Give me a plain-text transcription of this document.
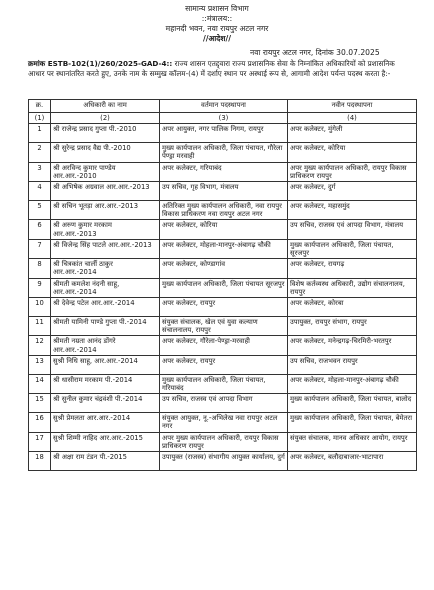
सामान्य प्रशासन विभाग
::मंत्रालय::
महानदी भवन, नवा रायपुर अटल नगर
//आदेश//
नवा रायपुर अटल नगर, दिनांक 30.07.2025
क्रमांक ESTB-102(1)/260/2025-GAD-4:: राज्य शासन एतद्द्वारा राज्य प्रशासनिक सेवा के निम्नांकित अधिकारियों को प्रशासनिक आधार पर स्थानांतरित करते हुए, उनके नाम के सम्मुख कॉलम-(4) में दर्शाए स्थान पर अस्थाई रूप से, आगामी आदेश पर्यन्त पदस्थ करता है:-
क्र.	अधिकारी का नाम	वर्तमान पदस्थापना	नवीन पदस्थापना
(1)	(2)	(3)	(4)
1	श्री राजेन्द्र प्रसाद गुप्ता पी.-2010	अपर आयुक्त, नगर पालिक निगम, रायपुर	अपर कलेक्टर, मुंगेली
2	श्री सुरेन्द्र प्रसाद वैद्य पी.-2010	मुख्य कार्यपालन अधिकारी, जिला पंचायत, गौरेला पेण्ड्रा मरवाही	अपर कलेक्टर, कोरिया
3	श्री अरविन्द कुमार पाण्डेय आर.आर.-2010	अपर कलेक्टर, गरियाबंद	अपर मुख्य कार्यपालन अधिकारी, रायपुर विकास प्राधिकरण रायपुर
4	श्री अभिषेक अग्रवाल आर.आर.-2013	उप सचिव, गृह विभाग, मंत्रालय	अपर कलेक्टर, दुर्ग
5	श्री सचिन भूतड़ा आर.आर.-2013	अतिरिक्त मुख्य कार्यपालन अधिकारी, नवा रायपुर विकास प्राधिकरण नवा रायपुर अटल नगर	अपर कलेक्टर, महासमुंद
6	श्री अरुण कुमार मरकाम आर.आर.-2013	अपर कलेक्टर, कोरिया	उप सचिव, राजस्व एवं आपदा विभाग, मंत्रालय
7	श्री विजेन्द्र सिंह पाटले आर.आर.-2013	अपर कलेक्टर, मोहला-मानपुर-अंबागढ़ चौकी	मुख्य कार्यपालन अधिकारी, जिला पंचायत, सूरजपुर
8	श्री चित्रकांत चार्ली ठाकुर आर.आर.-2014	अपर कलेक्टर, कोण्डागांव	अपर कलेक्टर, रायगढ़
9	श्रीमती कमलेश नंदनी साहू, आर.आर.-2014	मुख्य कार्यपालन अधिकारी, जिला पंचायत सूरजपुर	विशेष कर्तव्यस्थ अधिकारी, उद्योग संचालनालय, रायपुर
10	श्री देवेन्द्र पटेल आर.आर.-2014	अपर कलेक्टर, रायपुर	अपर कलेक्टर, कोरबा
11	श्रीमती यामिनी पाण्डे गुप्ता पी.-2014	संयुक्त संचालक, खेल एवं युवा कल्याण संचालनालय, रायपुर	उपायुक्त, रायपुर संभाग, रायपुर
12	श्रीमती नम्रता आनंद डोंगरे आर.आर.-2014	अपर कलेक्टर, गौरेला-पेण्ड्रा-मरवाही	अपर कलेक्टर, मनेन्द्रगढ़-चिरमिरी-भरतपुर
13	सुश्री निधि साहू, आर.आर.-2014	अपर कलेक्टर, रायपुर	उप सचिव, राजभवन रायपुर
14	श्री धासीराम मरकाम पी.-2014	मुख्य कार्यपालन अधिकारी, जिला पंचायत, गरियाबंद	अपर कलेक्टर, मोहला-मानपुर-अंबागढ़ चौकी
15	श्री सुनील कुमार चंद्रवंशी पी.-2014	उप सचिव, राजस्व एवं आपदा विभाग	मुख्य कार्यपालन अधिकारी, जिला पंचायत, बालोद
16	सुश्री प्रेमलता आर.आर.-2014	संयुक्त आयुक्त, नू.-अभिलेख नवा रायपुर अटल नगर	मुख्य कार्यपालन अधिकारी, जिला पंचायत, बेमेतरा
17	सुश्री शिम्मी नाहिद आर.आर.-2015	अपर मुख्य कार्यपालन अधिकारी, रायपुर विकास प्राधिकरण रायपुर	संयुक्त संचालक, मानव अधिकार आयोग, रायपुर
18	श्री अक्षा राम टंडन पी.-2015	उपायुक्त (राजस्व) संभागीय आयुक्त कार्यालय, दुर्ग	अपर कलेक्टर, बलौदाबाजार-भाटापारा
